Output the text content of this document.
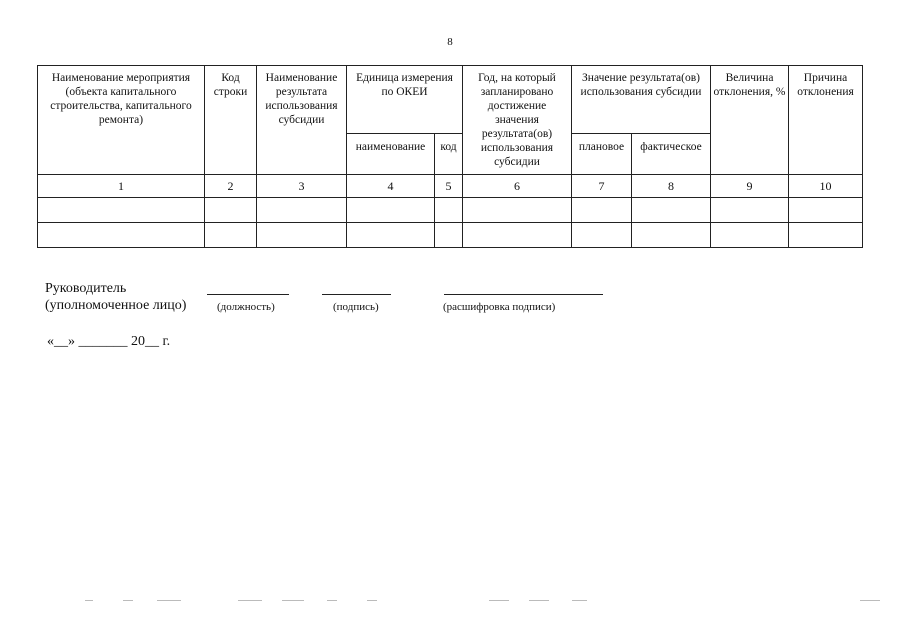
8
Наименование мероприятия (объекта капитального строительства, капитального ремонта)	Код строки	Наименование результата использования субсидии	Единица измерения по ОКЕИ		Год, на который запланировано достижение значения результата(ов) использования субсидии	Значение результата(ов) использования субсидии		Величина отклонения, %	Причина отклонения
			наименование	код		плановое	фактическое		
1	2	3	4	5	6	7	8	9	10

Руководитель
(уполномоченное лицо)	(должность)	(подпись)	(расшифровка подписи)
«__» _______ 20__ г.
